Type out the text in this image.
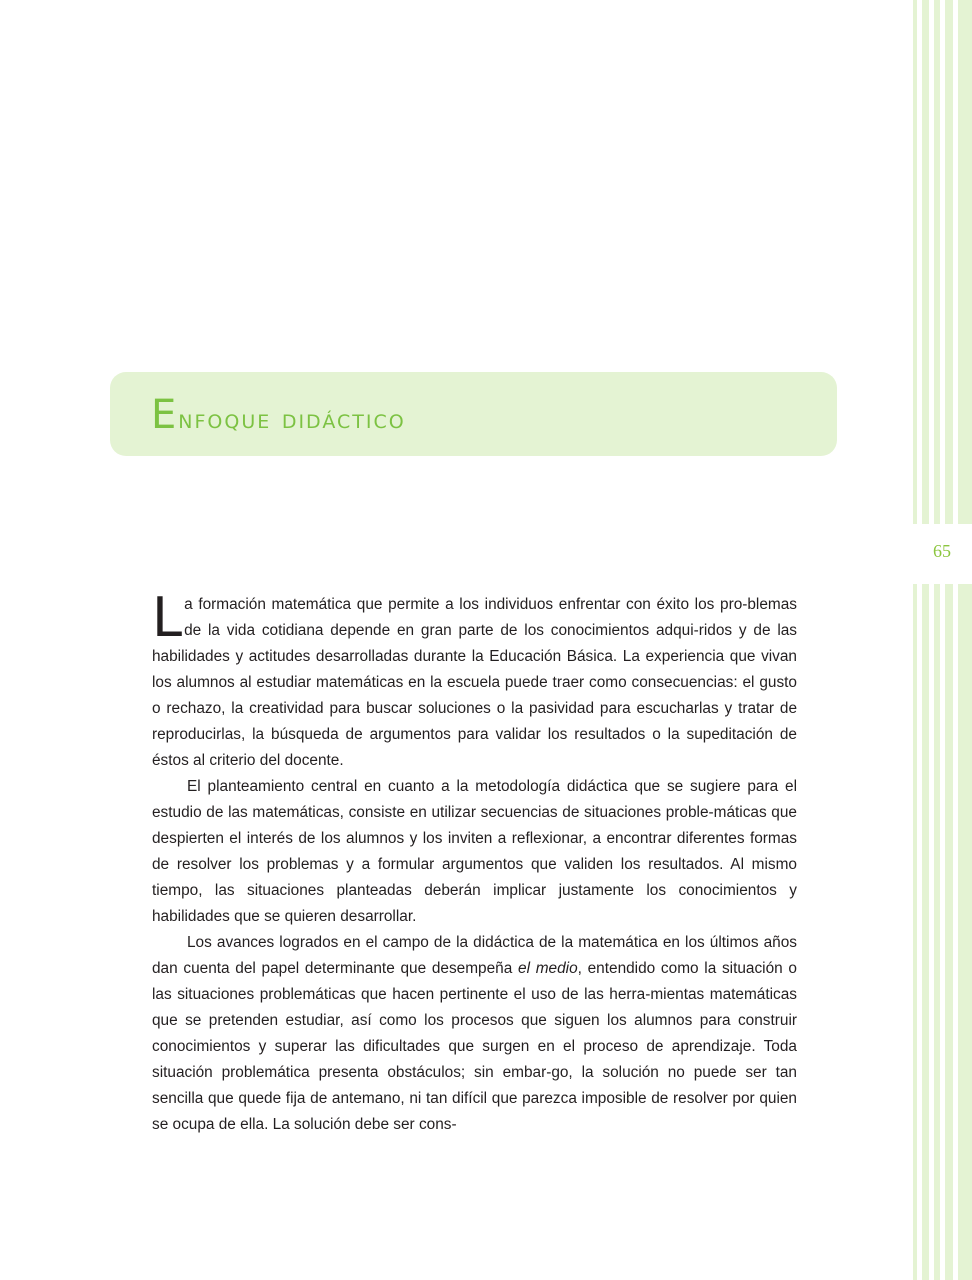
65
Enfoque didáctico

La formación matemática que permite a los individuos enfrentar con éxito los pro-blemas de la vida cotidiana depende en gran parte de los conocimientos adqui-ridos y de las habilidades y actitudes desarrolladas durante la Educación Básica. La experiencia que vivan los alumnos al estudiar matemáticas en la escuela puede traer como consecuencias: el gusto o rechazo, la creatividad para buscar soluciones o la pasividad para escucharlas y tratar de reproducirlas, la búsqueda de argumentos para validar los resultados o la supeditación de éstos al criterio del docente.

El planteamiento central en cuanto a la metodología didáctica que se sugiere para el estudio de las matemáticas, consiste en utilizar secuencias de situaciones proble-máticas que despierten el interés de los alumnos y los inviten a reflexionar, a encontrar diferentes formas de resolver los problemas y a formular argumentos que validen los resultados. Al mismo tiempo, las situaciones planteadas deberán implicar justamente los conocimientos y habilidades que se quieren desarrollar.

Los avances logrados en el campo de la didáctica de la matemática en los últimos años dan cuenta del papel determinante que desempeña el medio, entendido como la situación o las situaciones problemáticas que hacen pertinente el uso de las herra-mientas matemáticas que se pretenden estudiar, así como los procesos que siguen los alumnos para construir conocimientos y superar las dificultades que surgen en el proceso de aprendizaje. Toda situación problemática presenta obstáculos; sin embar-go, la solución no puede ser tan sencilla que quede fija de antemano, ni tan difícil que parezca imposible de resolver por quien se ocupa de ella. La solución debe ser cons-
